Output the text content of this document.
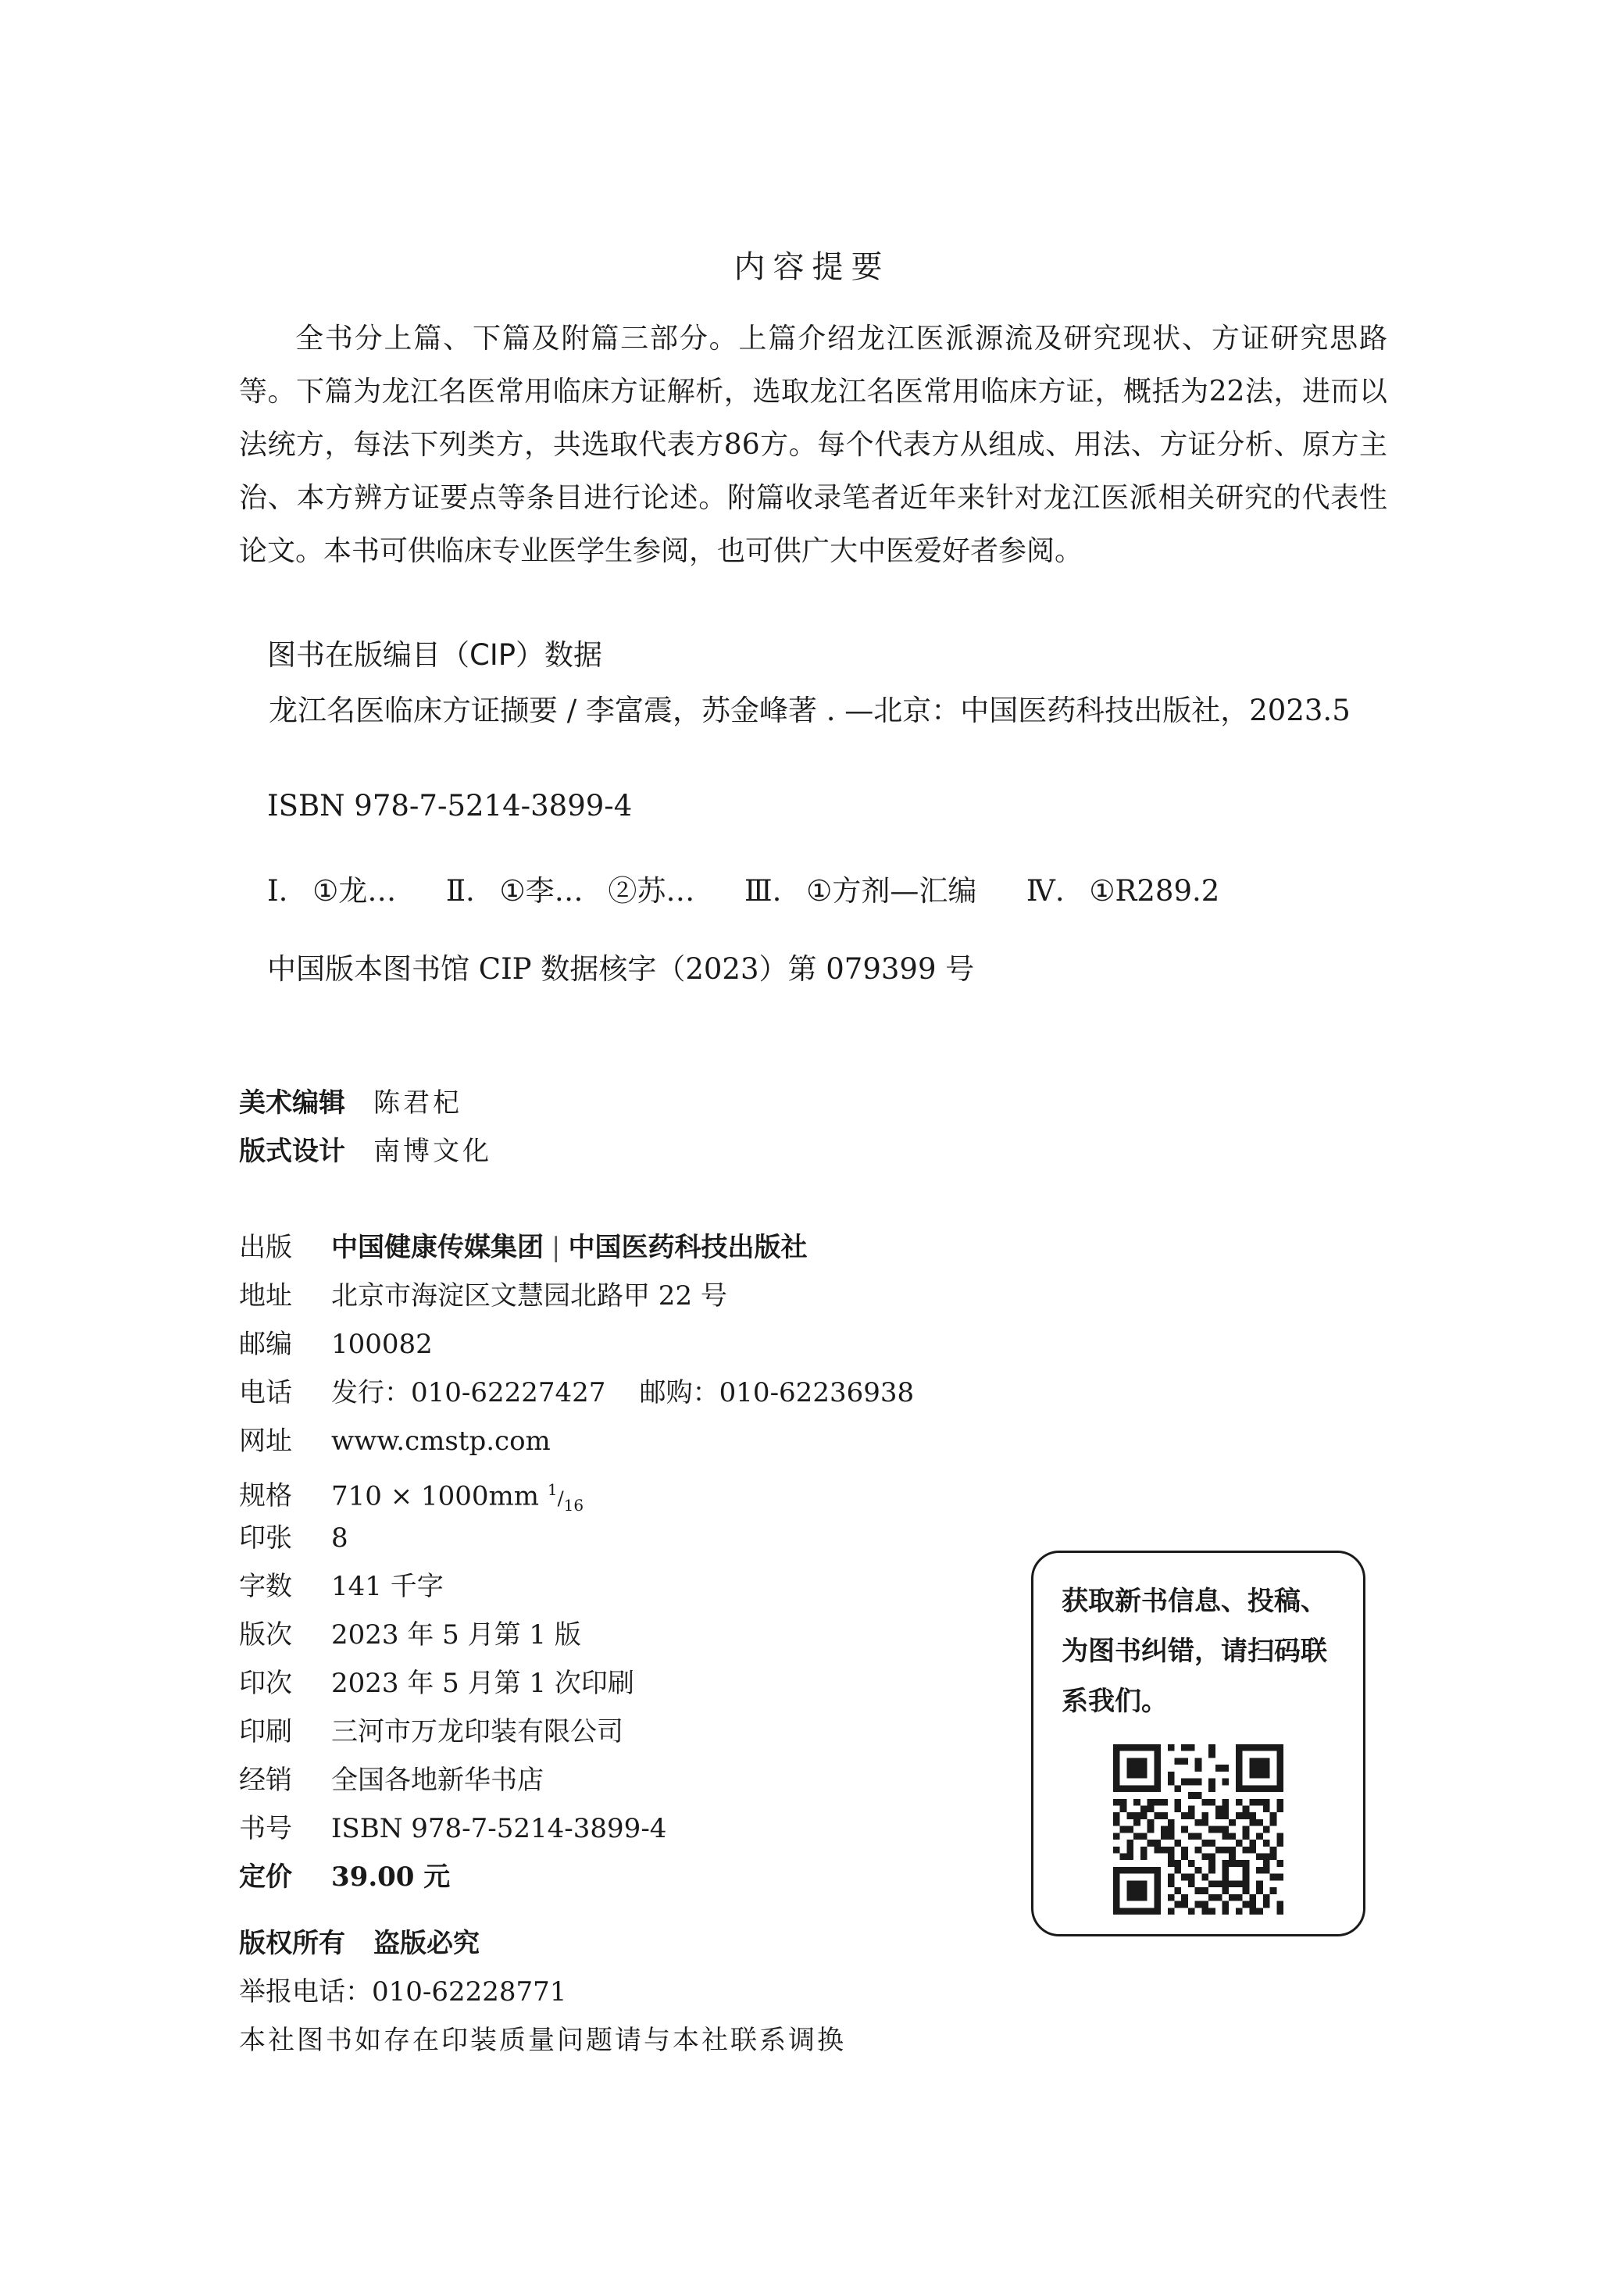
内容提要

全书分上篇、下篇及附篇三部分。上篇介绍龙江医派源流及研究现状、方证研究思路等。下篇为龙江名医常用临床方证解析，选取龙江名医常用临床方证，概括为22法，进而以法统方，每法下列类方，共选取代表方86方。每个代表方从组成、用法、方证分析、原方主治、本方辨方证要点等条目进行论述。附篇收录笔者近年来针对龙江医派相关研究的代表性论文。本书可供临床专业医学生参阅，也可供广大中医爱好者参阅。

图书在版编目（CIP）数据

龙江名医临床方证撷要 / 李富震，苏金峰著 . —北京：中国医药科技出版社，2023.5

ISBN 978-7-5214-3899-4
Ⅰ. ①龙…  Ⅱ. ①李… ②苏…  Ⅲ. ①方剂—汇编  Ⅳ. ①R289.2
中国版本图书馆 CIP 数据核字（2023）第 079399 号
美术编辑 陈君杞
版式设计 南博文化
出版 中国健康传媒集团 | 中国医药科技出版社
地址 北京市海淀区文慧园北路甲 22 号
邮编 100082
电话 发行：010-62227427    邮购：010-62236938
网址 www.cmstp.com
规格 710 × 1000mm $^1/_{16}$
印张 8
字数 141 千字
版次 2023 年 5 月第 1 版
印次 2023 年 5 月第 1 次印刷
印刷 三河市万龙印装有限公司
经销 全国各地新华书店
书号 ISBN 978-7-5214-3899-4
定价 39.00 元
版权所有 盗版必究
举报电话：010-62228771
本社图书如存在印装质量问题请与本社联系调换
获取新书信息、投稿、为图书纠错，请扫码联系我们。
